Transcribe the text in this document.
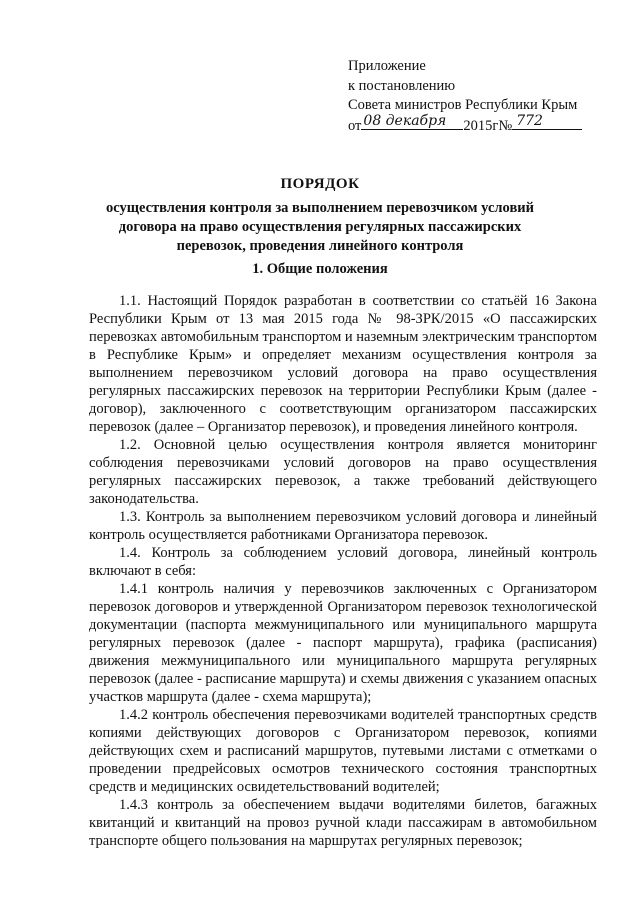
Приложение
к постановлению
Совета министров Республики Крым
от 08 декабря 2015г№ 772
ПОРЯДОК
осуществления контроля за выполнением перевозчиком условий договора на право осуществления регулярных пассажирских перевозок, проведения линейного контроля
1. Общие положения

1.1. Настоящий Порядок разработан в соответствии со статьёй 16 Закона Республики Крым от 13 мая 2015 года № 98-ЗРК/2015 «О пассажирских перевозках автомобильным транспортом и наземным электрическим транспортом в Республике Крым» и определяет механизм осуществления контроля за выполнением перевозчиком условий договора на право осуществления регулярных пассажирских перевозок на территории Республики Крым (далее - договор), заключенного с соответствующим организатором пассажирских перевозок (далее – Организатор перевозок), и проведения линейного контроля.

1.2. Основной целью осуществления контроля является мониторинг соблюдения перевозчиками условий договоров на право осуществления регулярных пассажирских перевозок, а также требований действующего законодательства.

1.3. Контроль за выполнением перевозчиком условий договора и линейный контроль осуществляется работниками Организатора перевозок.

1.4. Контроль за соблюдением условий договора, линейный контроль включают в себя:

1.4.1 контроль наличия у перевозчиков заключенных с Организатором перевозок договоров и утвержденной Организатором перевозок технологической документации (паспорта межмуниципального или муниципального маршрута регулярных перевозок (далее - паспорт маршрута), графика (расписания) движения межмуниципального или муниципального маршрута регулярных перевозок (далее - расписание маршрута) и схемы движения с указанием опасных участков маршрута (далее - схема маршрута);

1.4.2 контроль обеспечения перевозчиками водителей транспортных средств копиями действующих договоров с Организатором перевозок, копиями действующих схем и расписаний маршрутов, путевыми листами с отметками о проведении предрейсовых осмотров технического состояния транспортных средств и медицинских освидетельствований водителей;

1.4.3 контроль за обеспечением выдачи водителями билетов, багажных квитанций и квитанций на провоз ручной клади пассажирам в автомобильном транспорте общего пользования на маршрутах регулярных перевозок;
